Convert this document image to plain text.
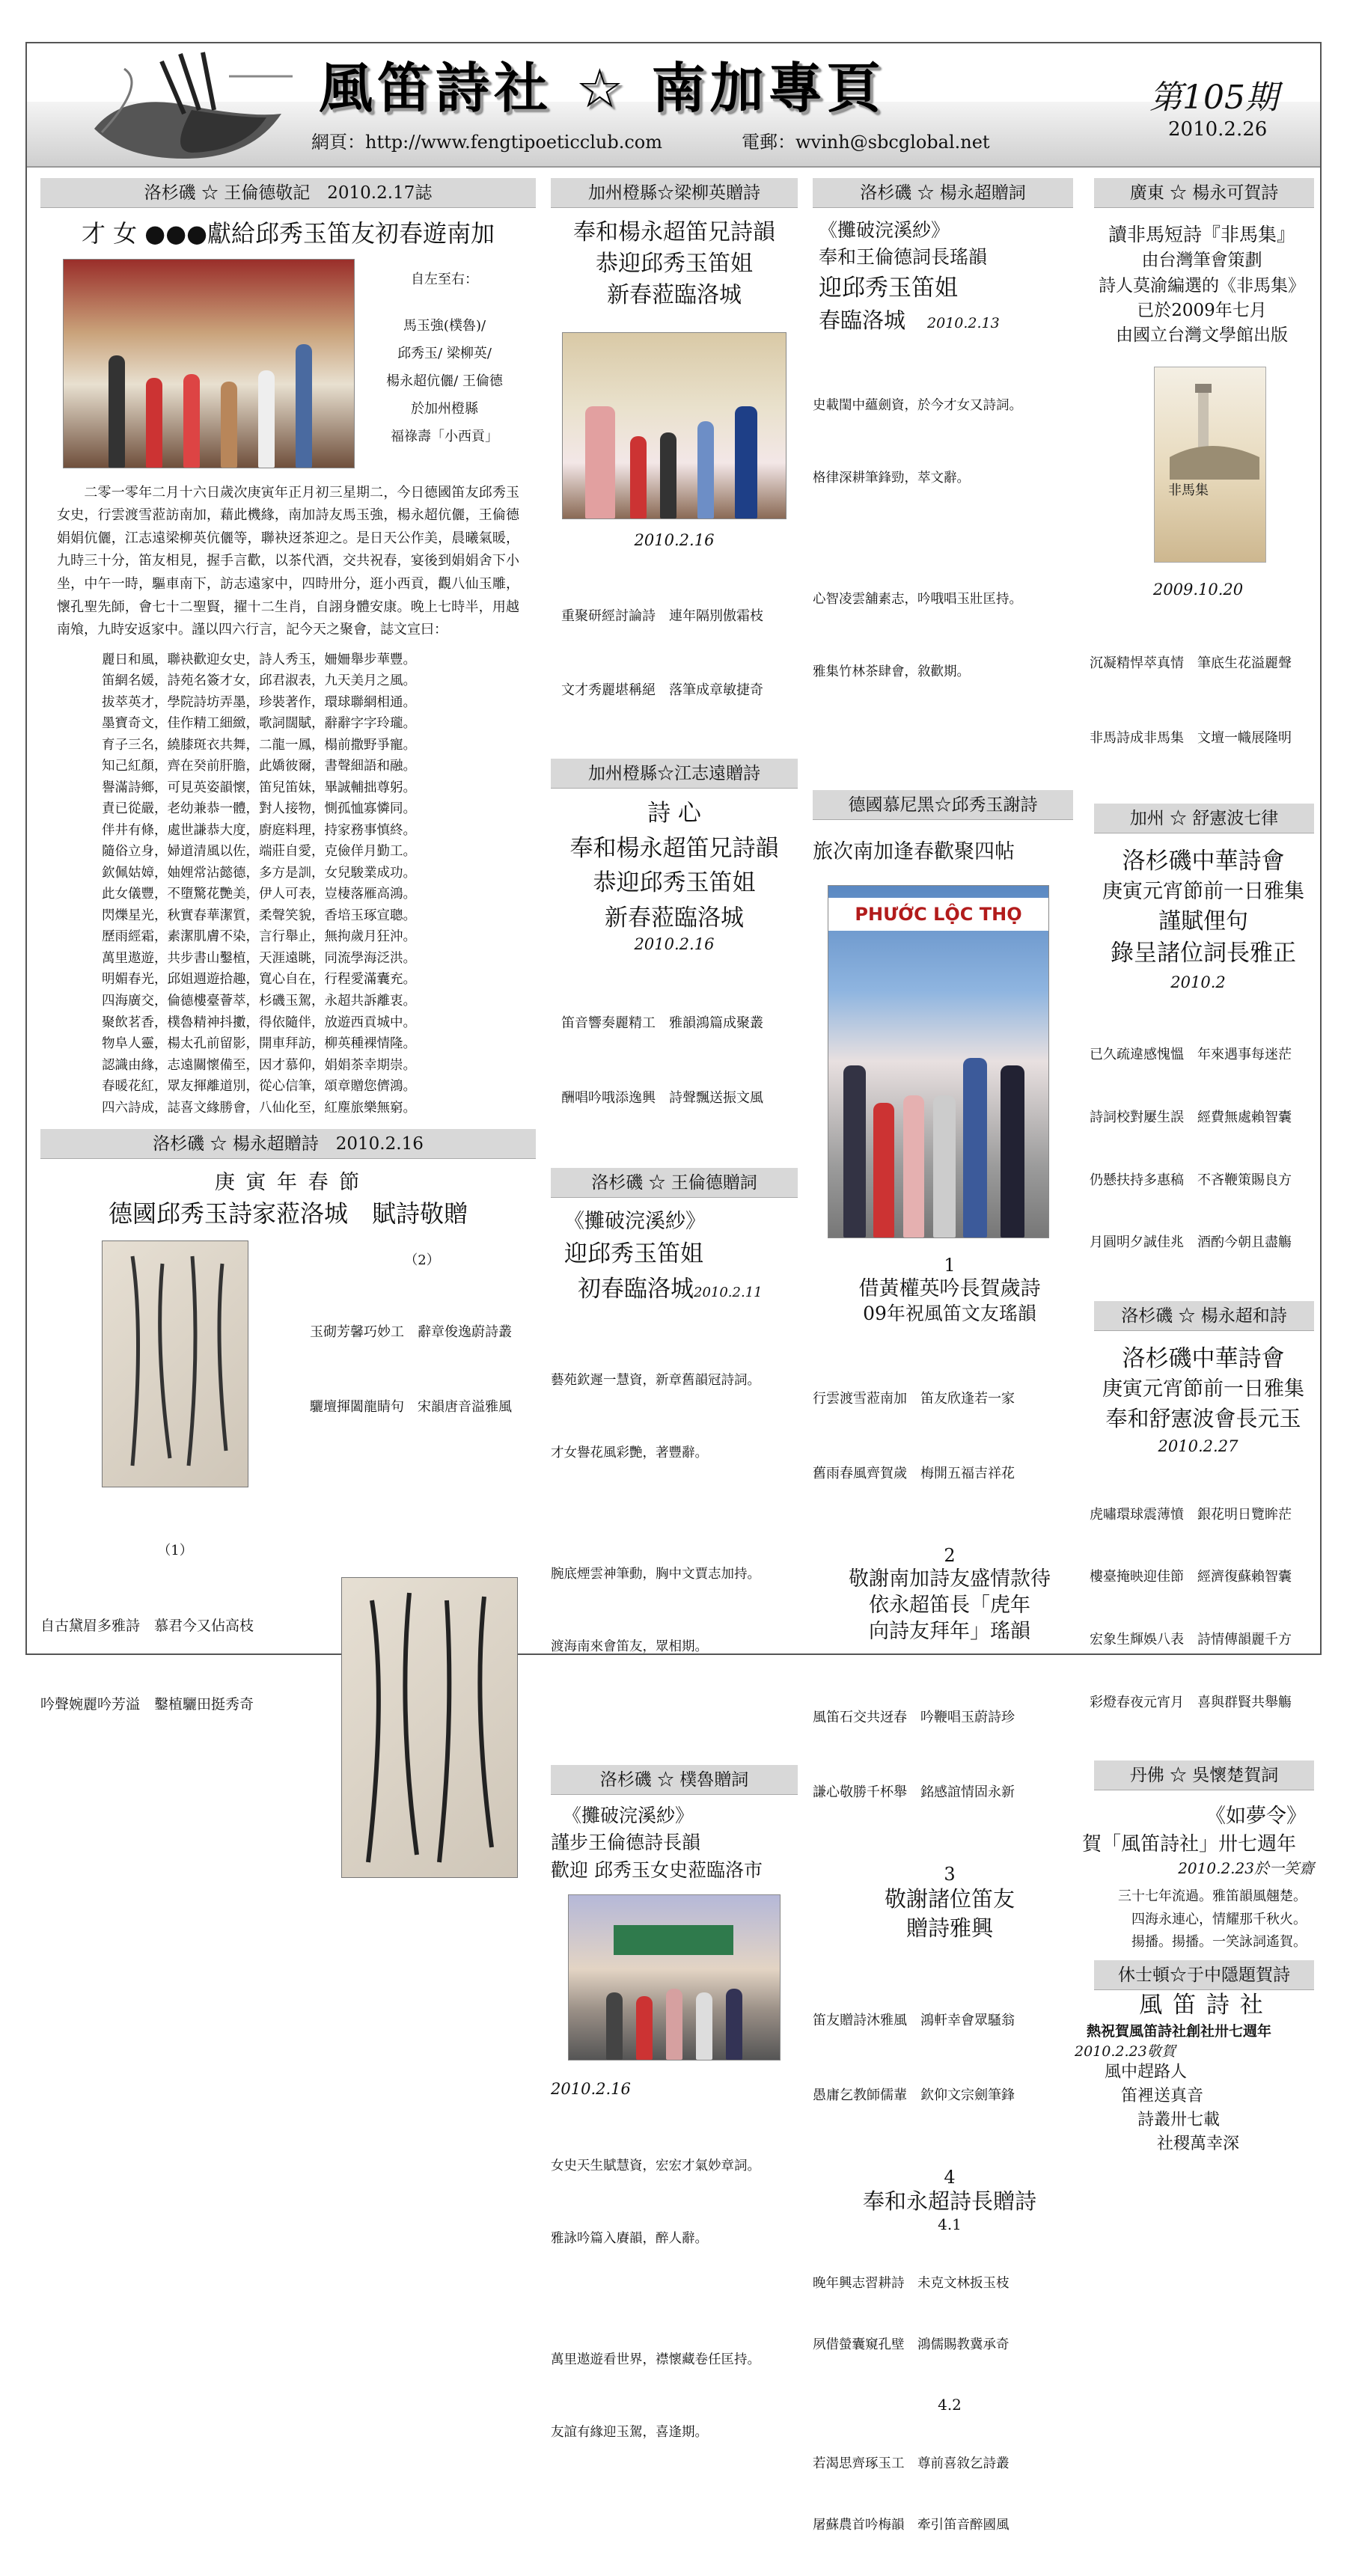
風笛詩社 ☆ 南加專頁
網頁：http://www.fengtipoeticclub.com	電郵：wvinh@sbcglobal.net
第105期
2010.2.26
洛杉磯 ☆ 王倫德敬記　2010.2.17誌
才 女 ●●●獻給邱秀玉笛友初春遊南加
自左至右：
馬玉強(樸魯)/
邱秀玉/ 梁柳英/
楊永超伉儷/ 王倫德
於加州橙縣
福祿壽「小西貢」
　　二零一零年二月十六日歲次庚寅年正月初三星期二，今日德國笛友邱秀玉女史，行雲渡雪蒞訪南加，藉此機緣，南加詩友馬玉強，楊永超伉儷，王倫德娟娟伉儷，江志遠梁柳英伉儷等，聯袂迓茶迎之。是日天公作美，晨曦氣暖，九時三十分，笛友相見，握手言歡，以茶代酒，交共祝春，宴後到娟娟舍下小坐，中午一時，驅車南下，訪志遠家中，四時卅分，逛小西貢，觀八仙玉雕，懷孔聖先師，會七十二聖賢，擢十二生肖，自詡身體安康。晚上七時半，用越南飧，九時安返家中。謹以四六行言，記今天之聚會，誌文宣曰：
麗日和風，聯袂歡迎女史，詩人秀玉，姍姍舉步華豐。
笛網名媛，詩苑名簽才女，邱君淑表，九天美月之風。
拔萃英才，學院詩坊弄墨，珍裝著作，環球聯網相通。
墨寶奇文，佳作精工細緻，歌詞闊賦，辭辭字字玲瓏。
育子三名，繞膝斑衣共舞，二龍一鳳，榻前撒野爭寵。
知己紅顏，齊在癸前肝膽，此嬌彼爾，書聲細語和融。
譽滿詩鄉，可見英姿韻懷，笛兒笛妹，畢誠輔拙尊躬。
責已從嚴，老幼兼恭一體，對人接物，惻孤恤寡憐同。
伴井有條，處世謙恭大度，廚庭料理，持家務事慎終。
隨俗立身，婦道清風以佐，端莊自愛，克儉佯月勤工。
欽佩姑嫜，妯娌常沾懿德，多方是訓，女兒駿業成功。
此女儀豐，不墮驚花艷美，伊人可表，豈棲落雁高鴻。
閃爍星光，秋實春華潔質，柔聲笑貌，香培玉琢宣聰。
歷雨經霜，素潔肌膚不染，言行舉止，無拘歲月狂沖。
萬里遨遊，共步書山鑿植，天涯遠眺，同流學海泛洪。
明媚春光，邱姐週遊拾趣，寬心自在，行程愛滿囊充。
四海廣交，倫德樓臺薈萃，杉磯玉駕，永超共訴離衷。
聚飲茗香，樸魯精神抖擻，得依隨伴，放遊西貢城中。
物阜人靈，楊太孔前留影，開車拜訪，柳英種裸情隆。
認識由緣，志遠關懷備至，因才慕仰，娟娟茶幸期崇。
春暖花紅，眾友揮離道別，從心信筆，頌章贈您儕鴻。
四六詩成，誌喜文緣勝會，八仙化至，紅塵旅樂無窮。
洛杉磯 ☆ 楊永超贈詩　2010.2.16
庚 寅 年 春 節
德國邱秀玉詩家蒞洛城　賦詩敬贈
（1）

自古黛眉多雅詩　慕君今又佔高枝

吟聲婉麗吟芳溢　鑿植驪田挺秀奇

（2）

玉砌芳馨巧妙工　辭章俊逸蔚詩叢

驪壇揮闔龍睛句　宋韻唐音溢雅風

加州橙縣☆梁柳英贈詩
奉和楊永超笛兄詩韻
恭迎邱秀玉笛姐
新春蒞臨洛城
2010.2.16

重聚研經討論詩　連年隔別傲霜枝

文才秀麗堪稱絕　落筆成章敏捷奇

加州橙縣☆江志遠贈詩
詩 心
奉和楊永超笛兄詩韻
恭迎邱秀玉笛姐
新春蒞臨洛城
2010.2.16

笛音響奏麗精工　雅韻鴻篇成聚叢

酬唱吟哦添逸興　詩聲飄送振文風

洛杉磯 ☆ 王倫德贈詞
《攤破浣溪紗》
迎邱秀玉笛姐
初春臨洛城2010.2.11

藝苑欽遲一慧資，新章舊韻冠詩詞。

才女譽花風彩艷，著豐辭。

腕底煙雲神筆動，胸中文賈志加持。

渡海南來會笛友，眾相期。

洛杉磯 ☆ 樸魯贈詞
《攤破浣溪紗》
謹步王倫德詩長韻
歡迎 邱秀玉女史蒞臨洛市
2010.2.16

女史天生賦慧資，宏宏才氣妙章詞。

雅詠吟篇入賡韻，醉人辭。

萬里遨遊看世界，襟懷藏卷任匡持。

友誼有緣迎玉駕，喜逢期。

洛杉磯 ☆ 楊永超贈詞
《攤破浣溪紗》
奉和王倫德詞長瑤韻
迎邱秀玉笛姐
春臨洛城　 2010.2.13

史載閨中蘊劍資，於今才女又詩詞。

格律深耕筆鋒勁，萃文辭。

心智凌雲舖素志，吟哦唱玉壯匡持。

雅集竹林茶肆會，敘歡期。

德國慕尼黑☆邱秀玉謝詩
旅次南加逢春歡聚四帖
PHƯỚC LỘC THỌ
1
借黃權英吟長賀歲詩
09年祝風笛文友瑤韻

行雲渡雪蒞南加　笛友欣逢若一家

舊雨春風齊賀歲　梅開五福吉祥花

2
敬謝南加詩友盛情款待
依永超笛長「虎年
向詩友拜年」瑤韻

風笛石交共迓春　吟鞭唱玉蔚詩珍

謙心敬勝千杯舉　銘感誼情固永新

3
敬謝諸位笛友
贈詩雅興

笛友贈詩沐雅風　鴻軒幸會眾騷翁

愚庸乞教師儒輩　欽仰文宗劍筆鋒

4
奉和永超詩長贈詩
4.1

晚年興志習耕詩　未克文林扳玉枝

夙借螢囊窺孔壁　鴻儒賜教冀承奇

4.2

若渴思齊琢玉工　尊前喜敘乞詩叢

屠蘇農首吟梅韻　牽引笛音醉國風

廣東 ☆ 楊永可賀詩
讀非馬短詩『非馬集』
由台灣筆會策劃
詩人莫渝編選的《非馬集》
已於2009年七月
由國立台灣文學館出版
非馬集
2009.10.20

沉凝精悍萃真情　筆底生花溢麗聲

非馬詩成非馬集　文壇一幟展隆明

加州 ☆ 舒憲波七律
洛杉磯中華詩會
庚寅元宵節前一日雅集
謹賦俚句
錄呈諸位詞長雅正
2010.2

已久疏違感愧慍　年來遇事每迷茫

詩詞校對屢生誤　經費無處賴智囊

仍懸扶持多惠稿　不吝鞭策賜良方

月圓明夕誠佳兆　酒酌今朝且盡觴

洛杉磯 ☆ 楊永超和詩
洛杉磯中華詩會
庚寅元宵節前一日雅集
奉和舒憲波會長元玉
2010.2.27

虎嘯環球震薄憤　銀花明日覽眸茫

樓臺掩映迎佳節　經濟復蘇賴智囊

宏象生輝娛八表　詩情傳韻麗千方

彩燈春夜元宵月　喜與群賢共舉觴

丹佛 ☆ 吳懷楚賀詞
《如夢令》
賀「風笛詩社」卅七週年
2010.2.23於一笑齋
三十七年流過。雅笛韻風翹楚。
四海永連心，情耀那千秋火。
揚播。揚播。一笑詠詞遙賀。
休士頓☆于中隱題賀詩
風 笛 詩 社
熱祝賀風笛詩社創社卅七週年
2010.2.23敬賀
風中趕路人
笛裡送真音
詩叢卅七載
社稷萬幸深
